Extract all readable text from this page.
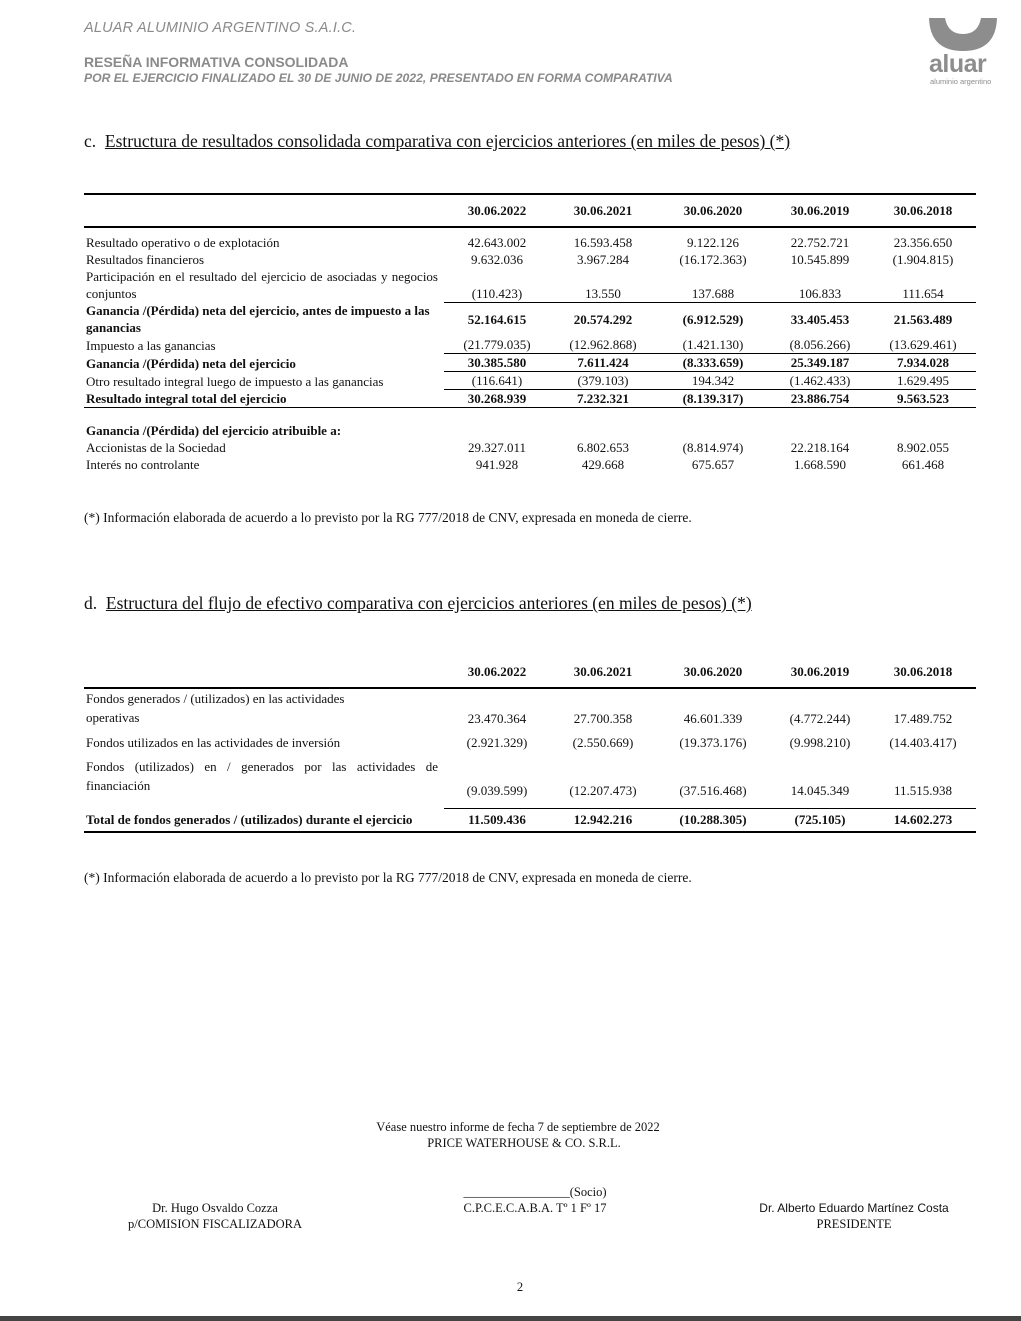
ALUAR ALUMINIO ARGENTINO S.A.I.C.
RESEÑA INFORMATIVA CONSOLIDADA
POR EL EJERCICIO FINALIZADO EL 30 DE JUNIO DE 2022, PRESENTADO EN FORMA COMPARATIVA	aluar
aluminio argentino
c. Estructura de resultados consolidada comparativa con ejercicios anteriores (en miles de pesos) (*)
	30.06.2022	30.06.2021	30.06.2020	30.06.2019	30.06.2018

Resultado operativo o de explotación	42.643.002	16.593.458	9.122.126	22.752.721	23.356.650
Resultados financieros	9.632.036	3.967.284	(16.172.363)	10.545.899	(1.904.815)
Participación en el resultado del ejercicio de asociadas y negocios conjuntos	(110.423)	13.550	137.688	106.833	111.654
Ganancia /(Pérdida) neta del ejercicio, antes de impuesto a las ganancias	52.164.615	20.574.292	(6.912.529)	33.405.453	21.563.489
Impuesto a las ganancias	(21.779.035)	(12.962.868)	(1.421.130)	(8.056.266)	(13.629.461)
Ganancia /(Pérdida) neta del ejercicio	30.385.580	7.611.424	(8.333.659)	25.349.187	7.934.028
Otro resultado integral luego de impuesto a las ganancias	(116.641)	(379.103)	194.342	(1.462.433)	1.629.495
Resultado integral total del ejercicio	30.268.939	7.232.321	(8.139.317)	23.886.754	9.563.523

Ganancia /(Pérdida) del ejercicio atribuible a:					
Accionistas de la Sociedad	29.327.011	6.802.653	(8.814.974)	22.218.164	8.902.055
Interés no controlante	941.928	429.668	675.657	1.668.590	661.468
(*) Información elaborada de acuerdo a lo previsto por la RG 777/2018 de CNV, expresada en moneda de cierre.
d. Estructura del flujo de efectivo comparativa con ejercicios anteriores (en miles de pesos) (*)
	30.06.2022	30.06.2021	30.06.2020	30.06.2019	30.06.2018
Fondos generados / (utilizados) en las actividades operativas	23.470.364	27.700.358	46.601.339	(4.772.244)	17.489.752
Fondos utilizados en las actividades de inversión	(2.921.329)	(2.550.669)	(19.373.176)	(9.998.210)	(14.403.417)
Fondos (utilizados) en / generados por las actividades de financiación	(9.039.599)	(12.207.473)	(37.516.468)	14.045.349	11.515.938

Total de fondos generados / (utilizados) durante el ejercicio	11.509.436	12.942.216	(10.288.305)	(725.105)	14.602.273
(*) Información elaborada de acuerdo a lo previsto por la RG 777/2018 de CNV, expresada en moneda de cierre.
Véase nuestro informe de fecha 7 de septiembre de 2022
PRICE WATERHOUSE & CO. S.R.L.
Dr. Hugo Osvaldo Cozza
p/COMISION FISCALIZADORA
_________________(Socio)
C.P.C.E.C.A.B.A. Tº 1 Fº 17	Dr. Alberto Eduardo Martínez Costa
PRESIDENTE
2
